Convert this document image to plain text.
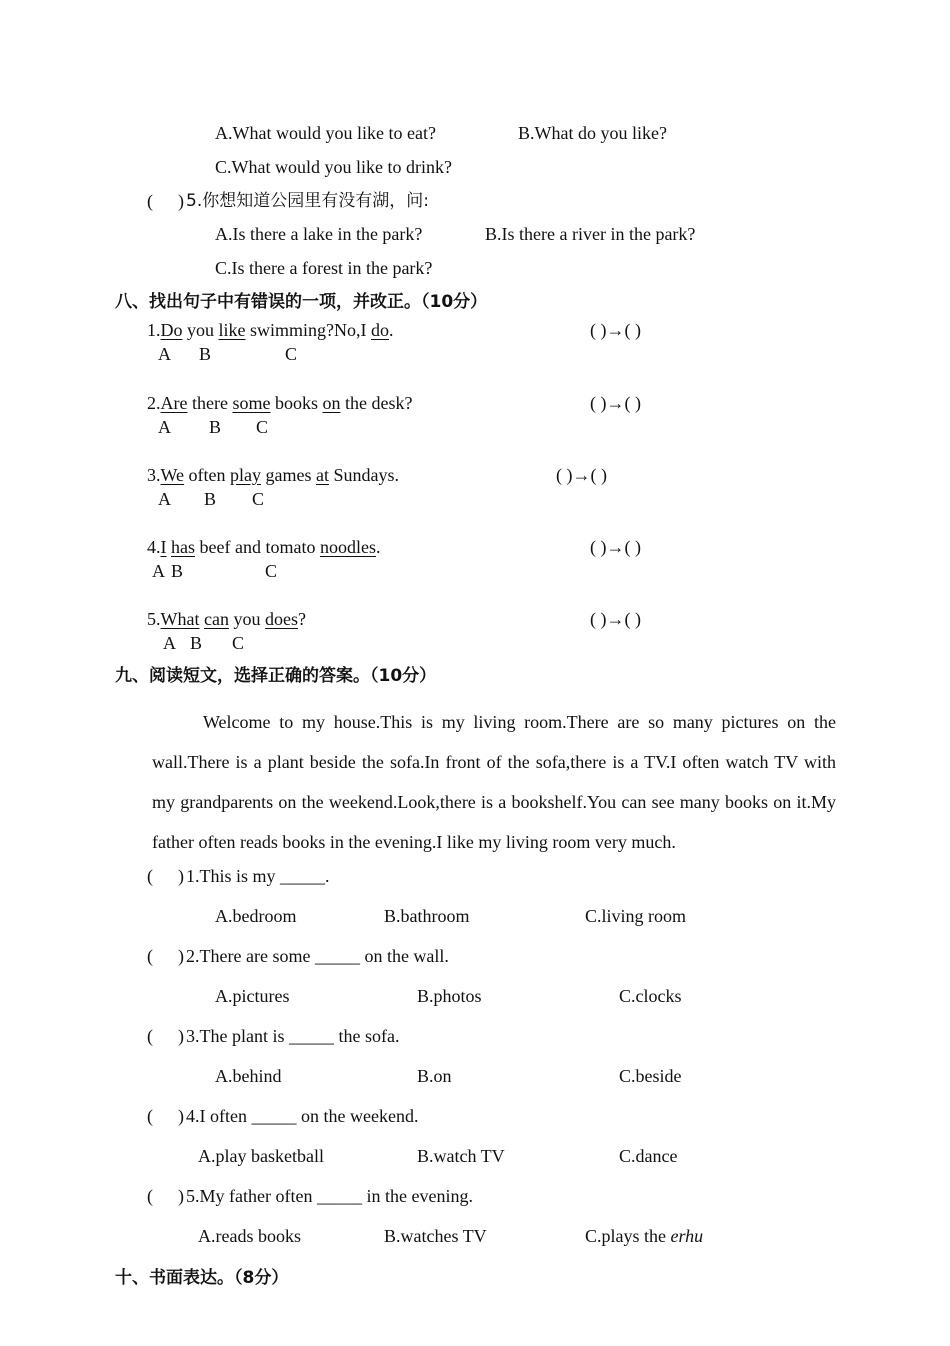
A.What would you like to eat?	B.What do you like?
C.What would you like to drink?
( ) 5.你想知道公园里有没有湖，问:
A.Is there a lake in the park?	B.Is there a river in the park?
C.Is there a forest in the park?
八、找出句子中有错误的一项，并改正。（10分）
1.Do you like swimming?No,I do.
A B	C
( )→( )
2.Are there some books on the desk?
A B C
( )→( )
3.We often play games at Sundays.
A B C
( )→( )
4.I has beef and tomato noodles.
A B	C
( )→( )
5.What can you does?
A B C
( )→( )
九、阅读短文，选择正确的答案。（10分）
Welcome to my house.This is my living room.There are so many pictures on the wall.There is a plant beside the sofa.In front of the sofa,there is a TV.I often watch TV with my grandparents on the weekend.Look,there is a bookshelf.You can see many books on it.My father often reads books in the evening.I like my living room very much.
( ) 1.This is my _____.
A.bedroom	B.bathroom	C.living room
( ) 2.There are some _____ on the wall.
A.pictures	B.photos	C.clocks
( ) 3.The plant is _____ the sofa.
A.behind	B.on	C.beside
( ) 4.I often _____ on the weekend.
A.play basketball	B.watch TV	C.dance
( ) 5.My father often _____ in the evening.
A.reads books	B.watches TV	C.plays the erhu
十、书面表达。（8分）
